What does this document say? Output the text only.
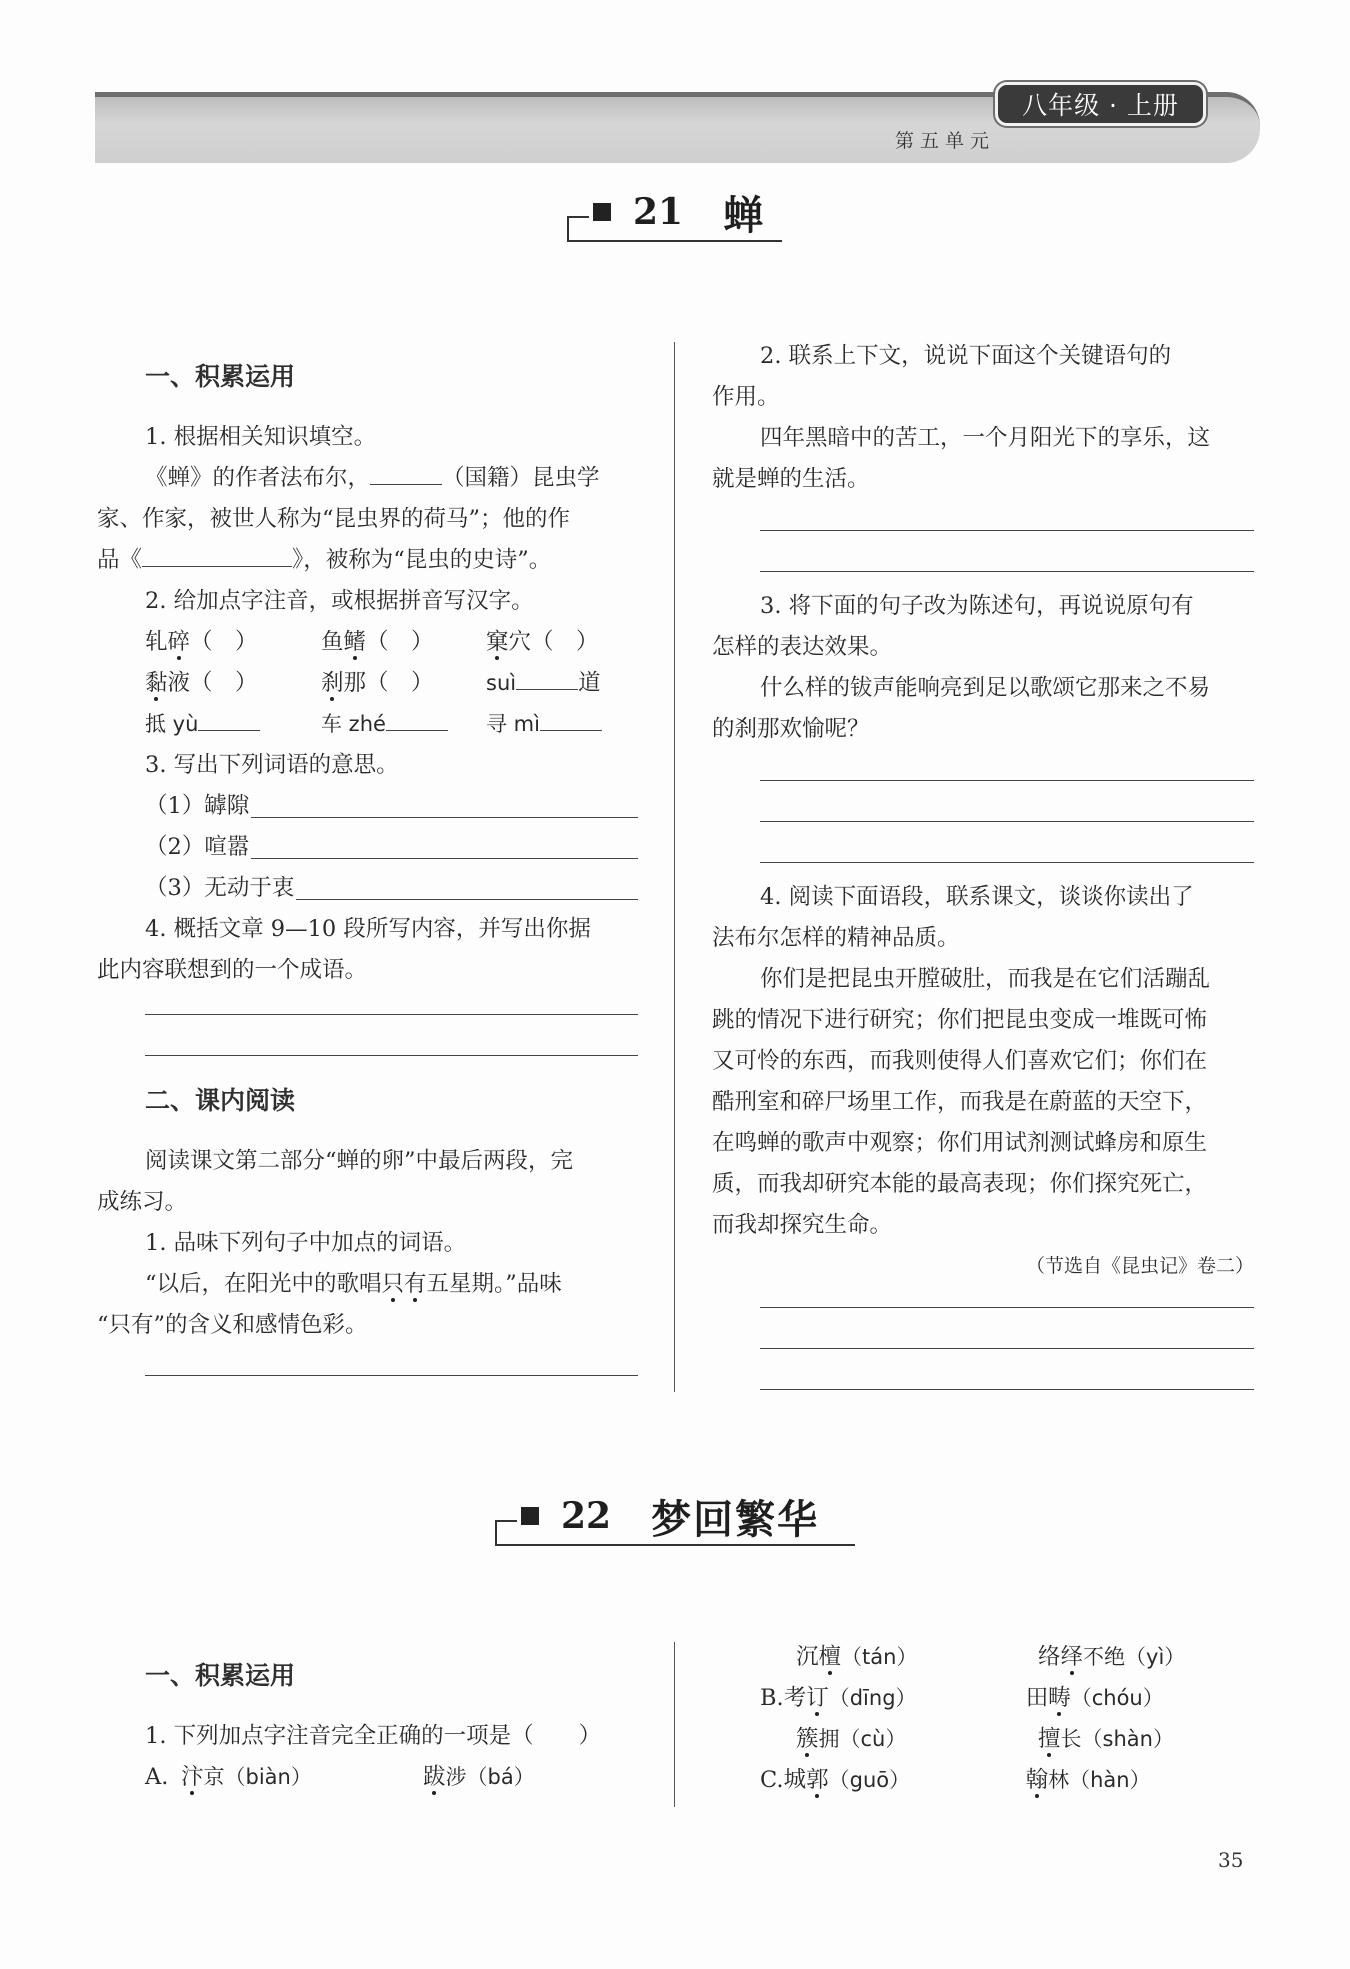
八年级 · 上册
第五单元
21 蝉

一、积累运用

1. 根据相关知识填空。

《蝉》的作者法布尔，	（国籍）昆虫学

家、作家，被世人称为“昆虫界的荷马”；他的作

品《	》，被称为“昆虫的史诗”。

2. 给加点字注音，或根据拼音写汉字。

轧碎（　）	鱼鳍（　）	窠穴（　）
黏液（　）	刹那（　）	suì	道
抵 yù	车 zhé	寻 mì

3. 写出下列词语的意思。

（1）罅隙
（2）喧嚣
（3）无动于衷

4. 概括文章 9—10 段所写内容，并写出你据

此内容联想到的一个成语。

二、课内阅读

阅读课文第二部分“蝉的卵”中最后两段，完

成练习。

1. 品味下列句子中加点的词语。

“以后，在阳光中的歌唱只有五星期。”品味

“只有”的含义和感情色彩。

2. 联系上下文，说说下面这个关键语句的

作用。

四年黑暗中的苦工，一个月阳光下的享乐，这

就是蝉的生活。

3. 将下面的句子改为陈述句，再说说原句有

怎样的表达效果。

什么样的钹声能响亮到足以歌颂它那来之不易

的刹那欢愉呢？

4. 阅读下面语段，联系课文，谈谈你读出了

法布尔怎样的精神品质。

你们是把昆虫开膛破肚，而我是在它们活蹦乱

跳的情况下进行研究；你们把昆虫变成一堆既可怖

又可怜的东西，而我则使得人们喜欢它们；你们在

酷刑室和碎尸场里工作，而我是在蔚蓝的天空下，

在鸣蝉的歌声中观察；你们用试剂测试蜂房和原生

质，而我却研究本能的最高表现；你们探究死亡，

而我却探究生命。

（节选自《昆虫记》卷二）

22 梦回繁华

一、积累运用

1. 下列加点字注音完全正确的一项是（　　）

A. 汴京（biàn）	跋涉（bá）
沉檀（tán）	络绎不绝（yì）
B. 考订（dīng）	田畴（chóu）
簇拥（cù）	擅长（shàn）
C. 城郭（guō）	翰林（hàn）
35
